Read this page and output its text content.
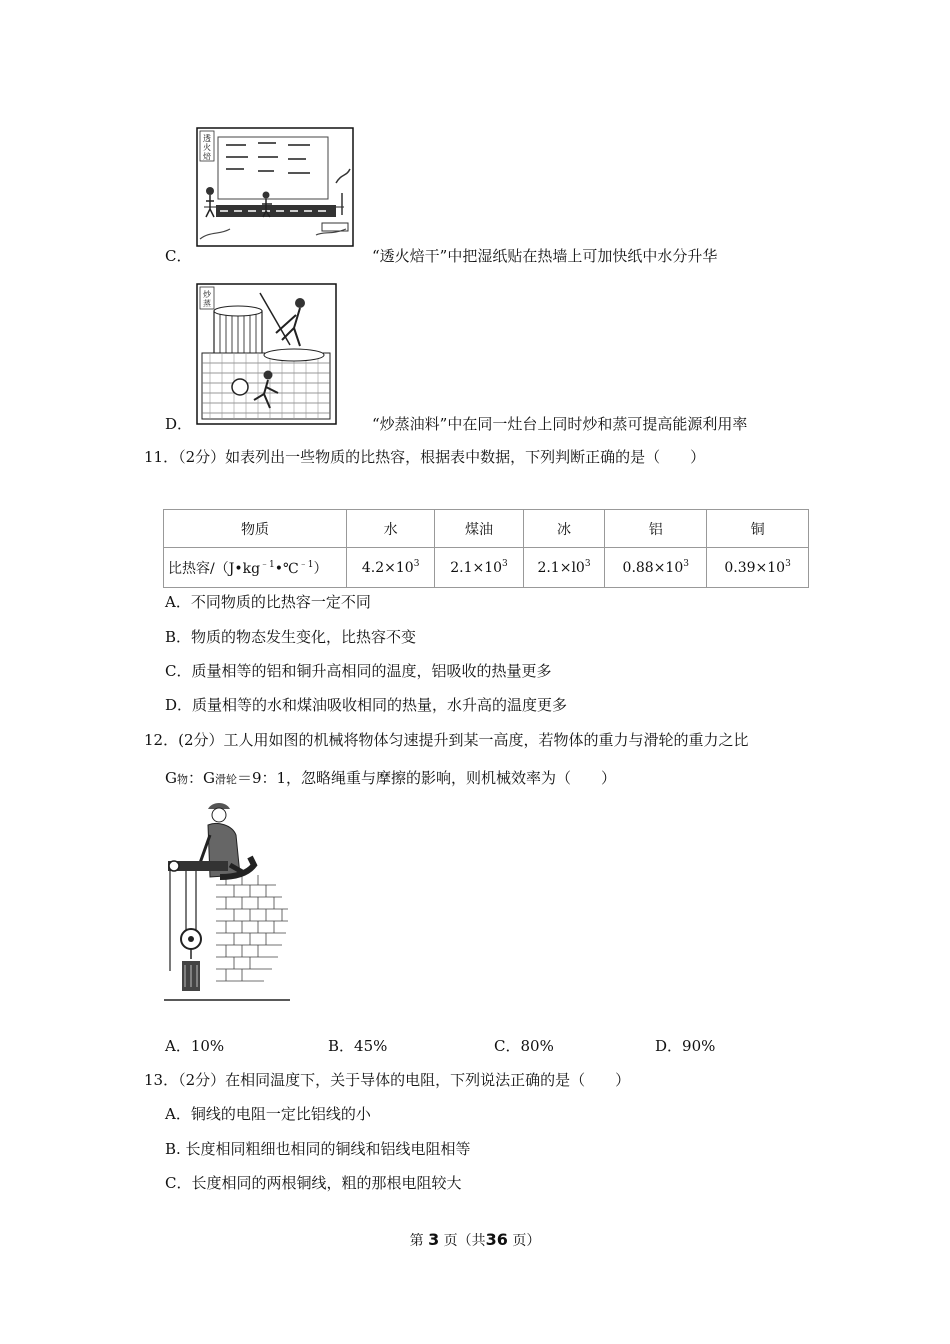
透
火
焙
C．	“透火焙干”中把湿纸贴在热墙上可加快纸中水分升华
炒
蒸
D．	“炒蒸油料”中在同一灶台上同时炒和蒸可提高能源利用率
11．（2分）如表列出一些物质的比热容，根据表中数据，下列判断正确的是（　　）
物质	水	煤油	冰	铝	铜
比热容$/(J•kg^{﹣1}•℃^{﹣1})$	$4.2\times 10^3$	$2.1\times 10^3$	$2.1\times l0^3$	$0.88\times 10^3$	$0.39\times 10^3$
A．不同物质的比热容一定不同
B．物质的物态发生变化，比热容不变
C．质量相等的铝和铜升高相同的温度，铝吸收的热量更多
D．质量相等的水和煤油吸收相同的热量，水升高的温度更多
12．(2分）工人用如图的机械将物体匀速提升到某一高度，若物体的重力与滑轮的重力之比
G物：G滑轮＝9：1，忽略绳重与摩擦的影响，则机械效率为（　　）
A．10%	B．45%	C．80%	D．90%
13．（2分）在相同温度下，关于导体的电阻，下列说法正确的是（　　）
A．铜线的电阻一定比铝线的小
B. 长度相同粗细也相同的铜线和铝线电阻相等
C．长度相同的两根铜线，粗的那根电阻较大
第 3 页（共36 页）
